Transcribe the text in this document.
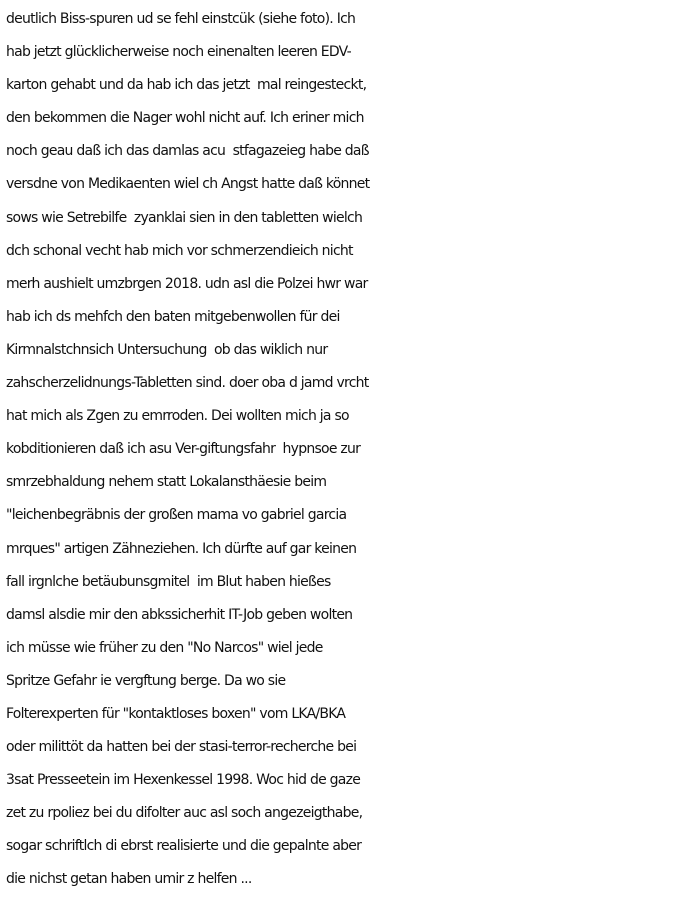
deutlich Biss-spuren ud se fehl einstcük (siehe foto). Ich
hab jetzt glücklicherweise noch einenalten leeren EDV-
karton gehabt und da hab ich das jetzt  mal reingesteckt,
den bekommen die Nager wohl nicht auf. Ich eriner mich
noch geau daß ich das damlas acu  stfagazeieg habe daß
versdne von Medikaenten wiel ch Angst hatte daß könnet
sows wie Setrebilfe  zyanklai sien in den tabletten wielch
dch schonal vecht hab mich vor schmerzendieich nicht
merh aushielt umzbrgen 2018. udn asl die Polzei hwr war
hab ich ds mehfch den baten mitgebenwollen für dei
Kirmnalstchnsich Untersuchung  ob das wiklich nur
zahscherzelidnungs-Tabletten sind. doer oba d jamd vrcht
hat mich als Zgen zu emrroden. Dei wollten mich ja so
kobditionieren daß ich asu Ver-giftungsfahr  hypnsoe zur
smrzebhaldung nehem statt Lokalansthäesie beim
"leichenbegräbnis der großen mama vo gabriel garcia
mrques" artigen Zähneziehen. Ich dürfte auf gar keinen
fall irgnlche betäubunsgmitel  im Blut haben hießes
damsl alsdie mir den abkssicherhit IT-Job geben wolten
ich müsse wie früher zu den "No Narcos" wiel jede
Spritze Gefahr ie vergftung berge. Da wo sie
Folterexperten für "kontaktloses boxen" vom LKA/BKA
oder milittöt da hatten bei der stasi-terror-recherche bei
3sat Presseetein im Hexenkessel 1998. Woc hid de gaze
zet zu rpoliez bei du difolter auc asl soch angezeigthabe,
sogar schriftlch di ebrst realisierte und die gepalnte aber
die nichst getan haben umir z helfen ...
